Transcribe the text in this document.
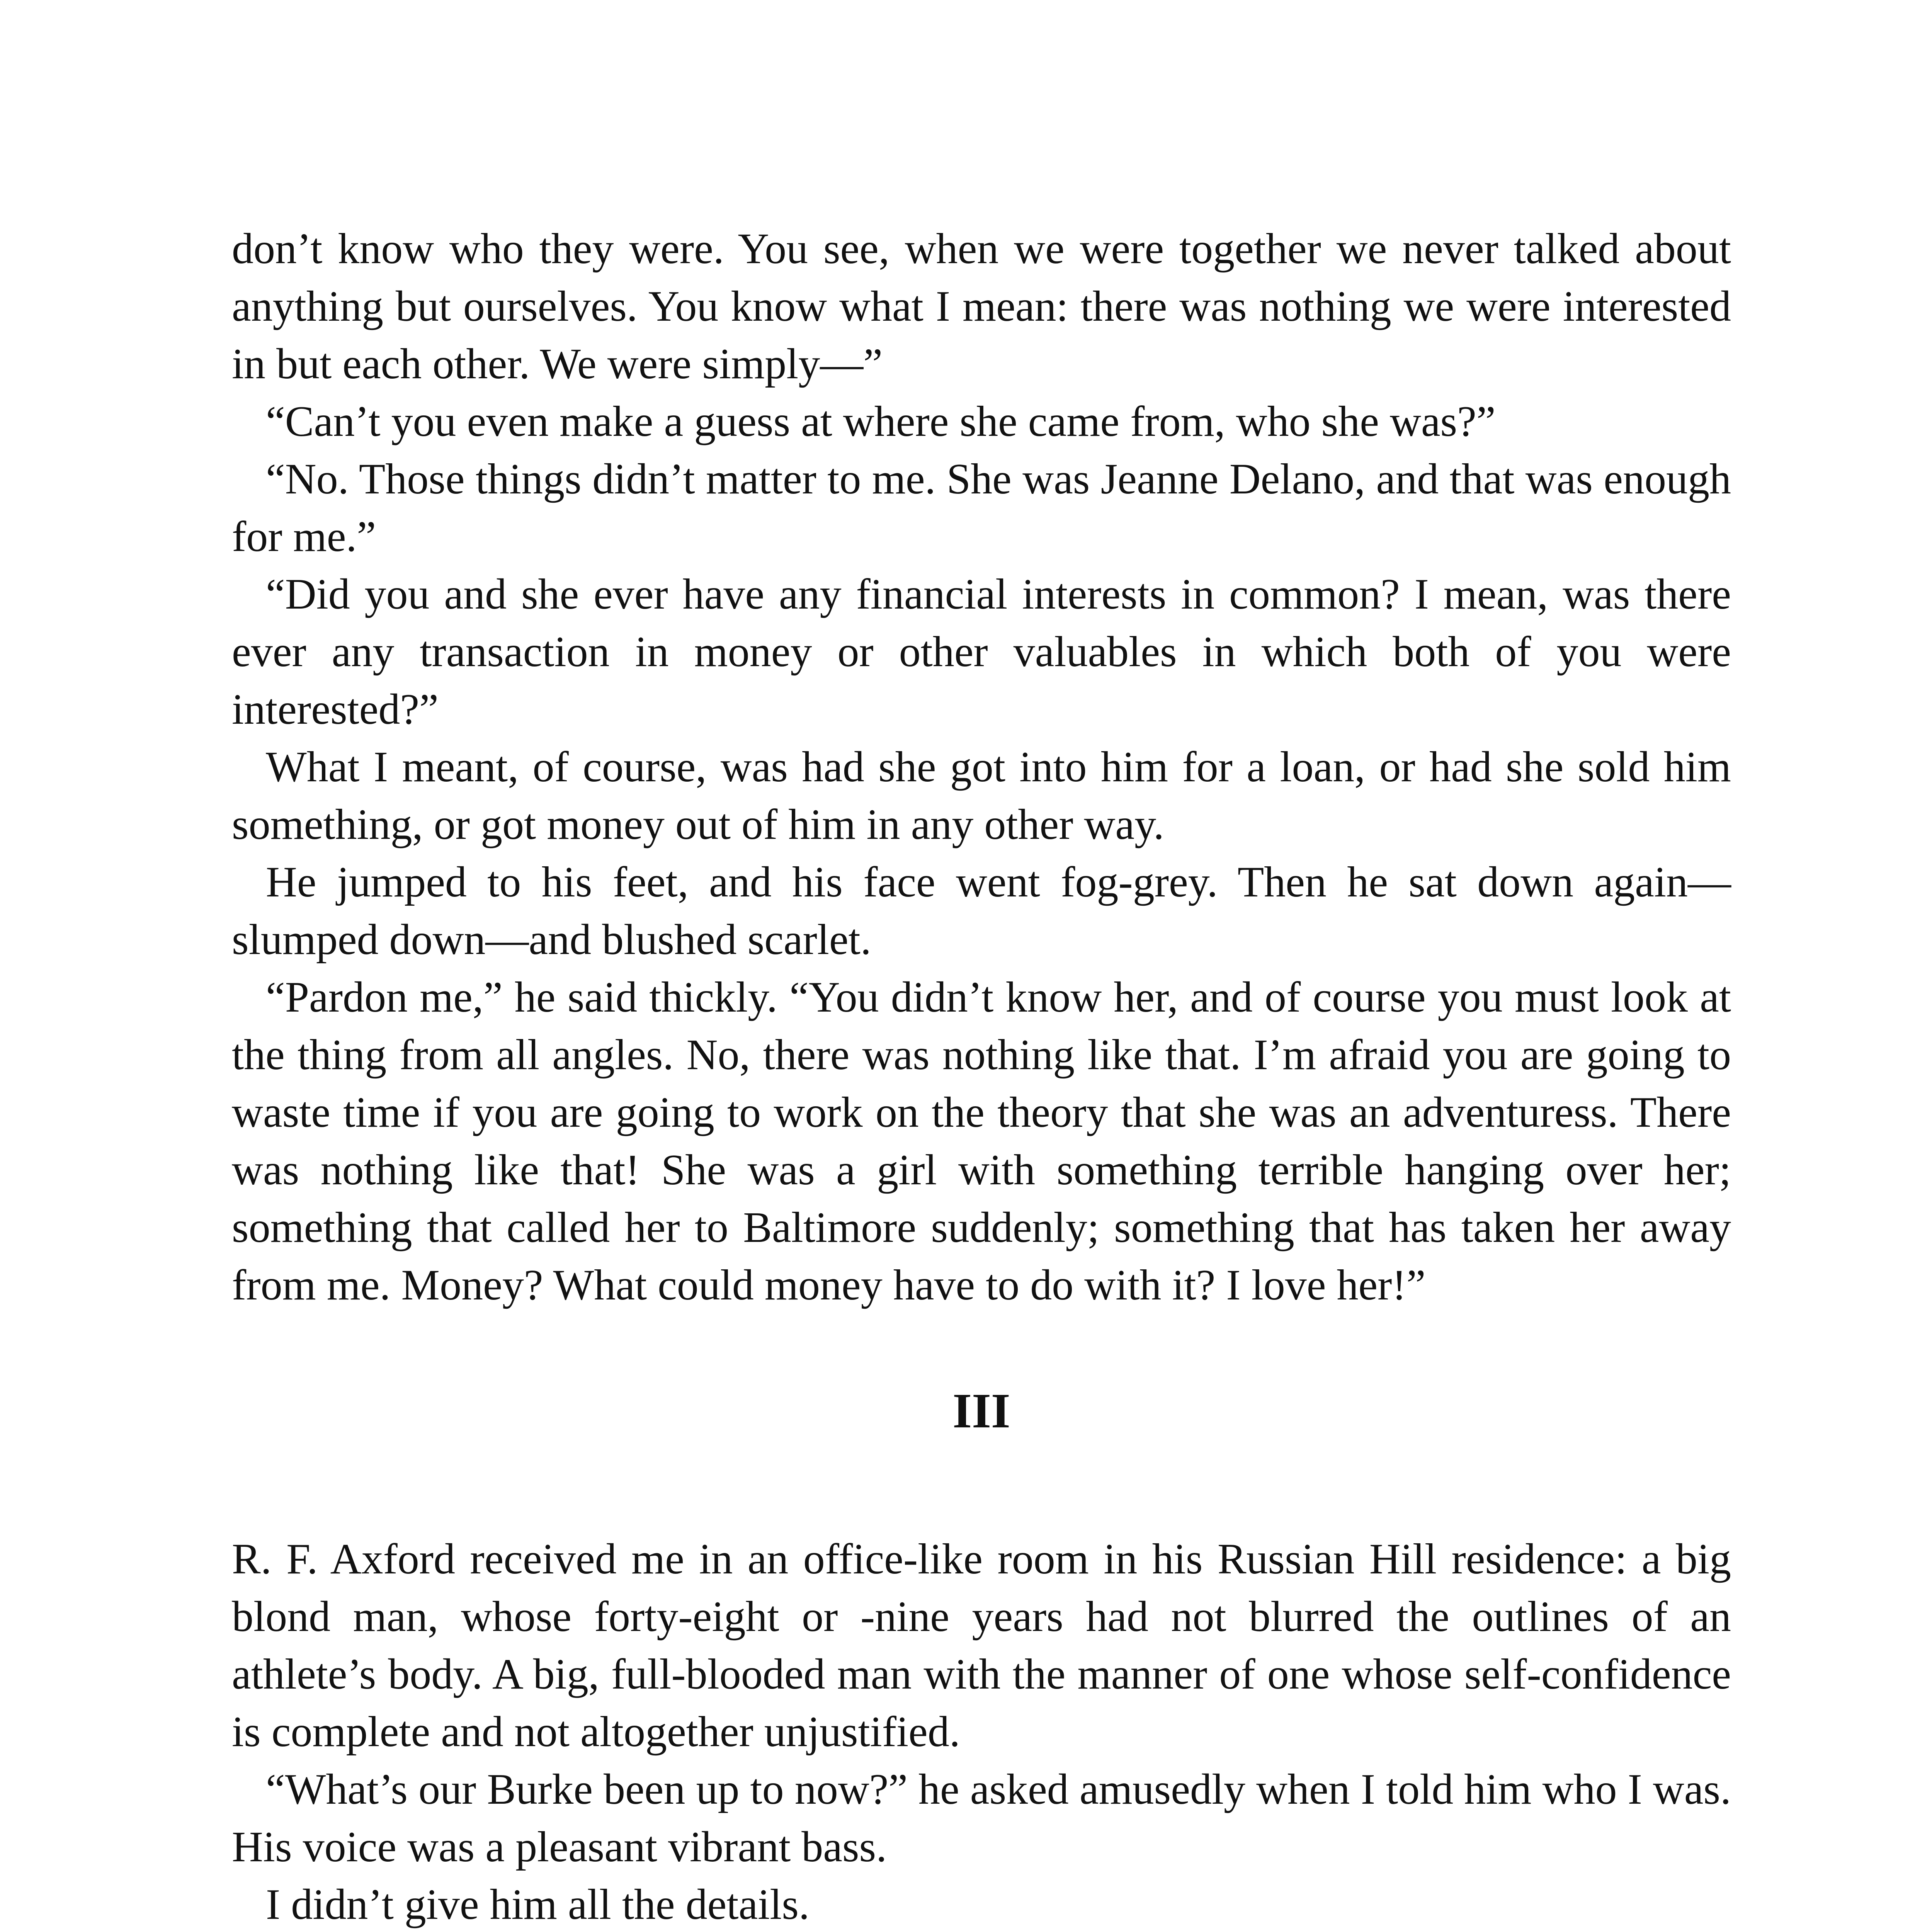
don’t know who they were. You see, when we were together we never talked about anything but ourselves. You know what I mean: there was nothing we were interested in but each other. We were simply—”

“Can’t you even make a guess at where she came from, who she was?”

“No. Those things didn’t matter to me. She was Jeanne Delano, and that was enough for me.”

“Did you and she ever have any financial interests in common? I mean, was there ever any transaction in money or other valuables in which both of you were interested?”

What I meant, of course, was had she got into him for a loan, or had she sold him something, or got money out of him in any other way.

He jumped to his feet, and his face went fog-grey. Then he sat down again—slumped down—and blushed scarlet.

“Pardon me,” he said thickly. “You didn’t know her, and of course you must look at the thing from all angles. No, there was nothing like that. I’m afraid you are going to waste time if you are going to work on the theory that she was an adventuress. There was nothing like that! She was a girl with something terrible hanging over her; something that called her to Baltimore suddenly; something that has taken her away from me. Money? What could money have to do with it? I love her!”

III

R. F. Axford received me in an office-like room in his Russian Hill residence: a big blond man, whose forty-eight or -nine years had not blurred the outlines of an athlete’s body. A big, full-blooded man with the manner of one whose self-confidence is complete and not altogether unjustified.

“What’s our Burke been up to now?” he asked amusedly when I told him who I was. His voice was a pleasant vibrant bass.

I didn’t give him all the details.
